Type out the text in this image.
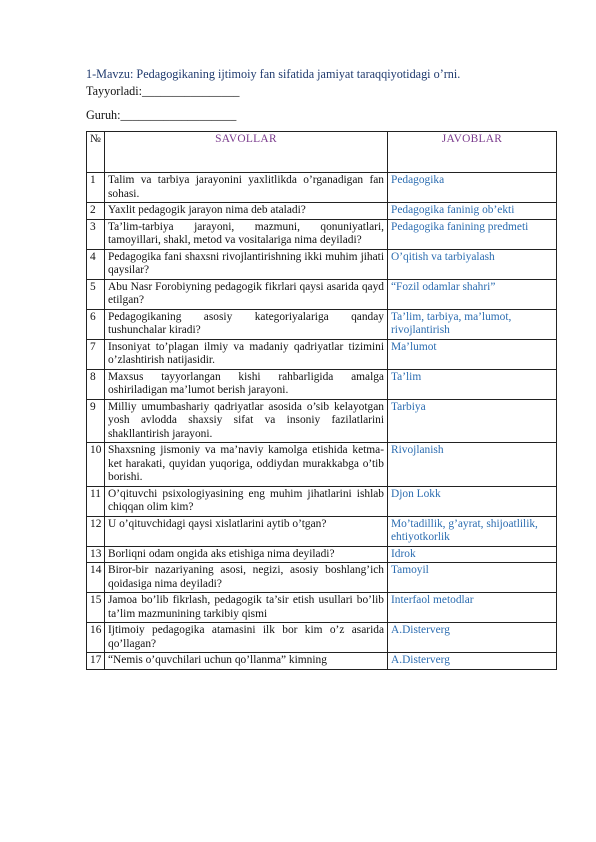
1-Mavzu: Pedagogikaning ijtimoiy fan sifatida jamiyat taraqqiyotidagi o’rni.
Tayyorladi:________________
Guruh:___________________
№	SAVOLLAR	JAVOBLAR
1	Talim va tarbiya jarayonini yaxlitlikda o’rganadigan fan sohasi.	Pedagogika
2	Yaxlit pedagogik jarayon nima deb ataladi?	Pedagogika faninig ob’ekti
3	Ta’lim-tarbiya jarayoni, mazmuni, qonuniyatlari, tamoyillari, shakl, metod va vositalariga nima deyiladi?	Pedagogika fanining predmeti
4	Pedagogika fani shaxsni rivojlantirishning ikki muhim jihati qaysilar?	O’qitish va tarbiyalash
5	Abu Nasr Forobiyning pedagogik fikrlari qaysi asarida qayd etilgan?	“Fozil odamlar shahri”
6	Pedagogikaning asosiy kategoriyalariga qanday tushunchalar kiradi?	Ta’lim, tarbiya, ma’lumot, rivojlantirish
7	Insoniyat to’plagan ilmiy va madaniy qadriyatlar tizimini o’zlashtirish natijasidir.	Ma’lumot
8	Maxsus tayyorlangan kishi rahbarligida amalga oshiriladigan ma’lumot berish jarayoni.	Ta’lim
9	Milliy umumbashariy qadriyatlar asosida o’sib kelayotgan yosh avlodda shaxsiy sifat va insoniy fazilatlarini shakllantirish jarayoni.	Tarbiya
10	Shaxsning jismoniy va ma’naviy kamolga etishida ketma-ket harakati, quyidan yuqoriga, oddiydan murakkabga o’tib borishi.	Rivojlanish
11	O’qituvchi psixologiyasining eng muhim jihatlarini ishlab chiqqan olim kim?	Djon Lokk
12	U o’qituvchidagi qaysi xislatlarini aytib o’tgan?	Mo’tadillik, g’ayrat, shijoatlilik, ehtiyotkorlik
13	Borliqni odam ongida aks etishiga nima deyiladi?	Idrok
14	Biror-bir nazariyaning asosi, negizi, asosiy boshlang’ich qoidasiga nima deyiladi?	Tamoyil
15	Jamoa bo’lib fikrlash, pedagogik ta’sir etish usullari bo’lib ta’lim mazmunining tarkibiy qismi	Interfaol metodlar
16	Ijtimoiy pedagogika atamasini ilk bor kim o’z asarida qo’llagan?	A.Disterverg
17	“Nemis o’quvchilari uchun qo’llanma” kimning	A.Disterverg
